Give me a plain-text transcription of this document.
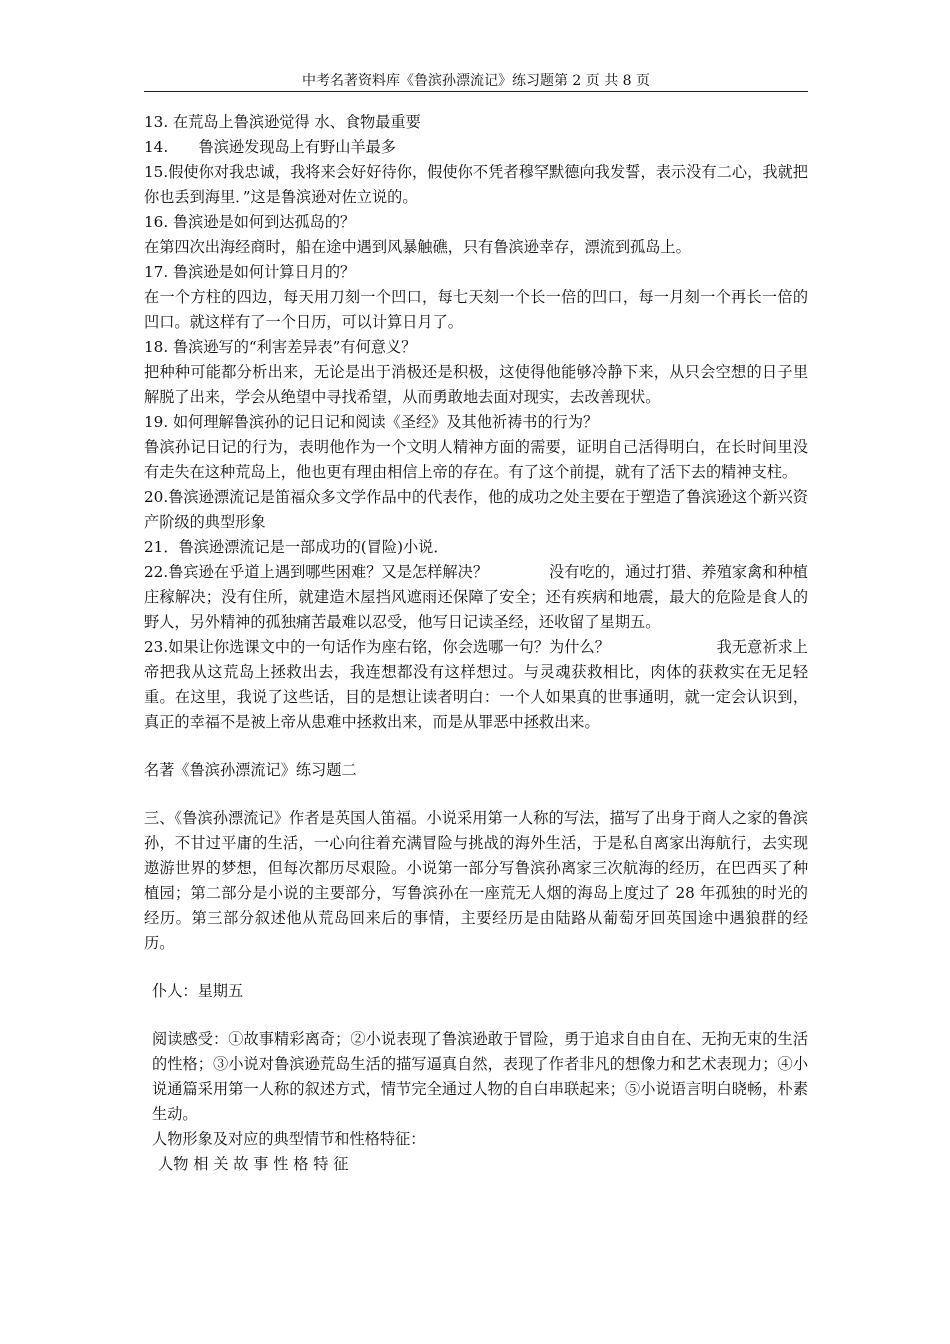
中考名著资料库《鲁滨孙漂流记》练习题第 2 页 共 8 页

13. 在荒岛上鲁滨逊觉得 水、食物最重要

14.　　鲁滨逊发现岛上有野山羊最多

15.假使你对我忠诚，我将来会好好待你，假使你不凭者穆罕默德向我发誓，表示没有二心，我就把你也丢到海里．”这是鲁滨逊对佐立说的。

16. 鲁滨逊是如何到达孤岛的？

在第四次出海经商时，船在途中遇到风暴触礁，只有鲁滨逊幸存，漂流到孤岛上。

17. 鲁滨逊是如何计算日月的？

在一个方柱的四边，每天用刀刻一个凹口，每七天刻一个长一倍的凹口，每一月刻一个再长一倍的凹口。就这样有了一个日历，可以计算日月了。

18. 鲁滨逊写的“利害差异表”有何意义？

把种种可能都分析出来，无论是出于消极还是积极，这使得他能够冷静下来，从只会空想的日子里解脱了出来，学会从绝望中寻找希望，从而勇敢地去面对现实，去改善现状。

19. 如何理解鲁滨孙的记日记和阅读《圣经》及其他祈祷书的行为？

鲁滨孙记日记的行为，表明他作为一个文明人精神方面的需要，证明自己活得明白，在长时间里没有走失在这种荒岛上，他也更有理由相信上帝的存在。有了这个前提，就有了活下去的精神支柱。

20.鲁滨逊漂流记是笛福众多文学作品中的代表作，他的成功之处主要在于塑造了鲁滨逊这个新兴资产阶级的典型形象

21．鲁滨逊漂流记是一部成功的(冒险)小说．

22.鲁宾逊在乎道上遇到哪些困难？又是怎样解决？　　　　没有吃的，通过打猎、养殖家禽和种植庄稼解决；没有住所，就建造木屋挡风遮雨还保障了安全；还有疾病和地震，最大的危险是食人的野人，另外精神的孤独痛苦最难以忍受，他写日记读圣经，还收留了星期五。

23.如果让你选课文中的一句话作为座右铭，你会选哪一句？为什么？　　　　　　　我无意祈求上帝把我从这荒岛上拯救出去，我连想都没有这样想过。与灵魂获救相比，肉体的获救实在无足轻重。在这里，我说了这些话，目的是想让读者明白：一个人如果真的世事通明，就一定会认识到，真正的幸福不是被上帝从患难中拯救出来，而是从罪恶中拯救出来。

名著《鲁滨孙漂流记》练习题二

三、《鲁滨孙漂流记》作者是英国人笛福。小说采用第一人称的写法，描写了出身于商人之家的鲁滨孙，不甘过平庸的生活，一心向往着充满冒险与挑战的海外生活，于是私自离家出海航行，去实现遨游世界的梦想，但每次都历尽艰险。小说第一部分写鲁滨孙离家三次航海的经历，在巴西买了种植园；第二部分是小说的主要部分，写鲁滨孙在一座荒无人烟的海岛上度过了 28 年孤独的时光的经历。第三部分叙述他从荒岛回来后的事情，主要经历是由陆路从葡萄牙回英国途中遇狼群的经历。

仆人：星期五

阅读感受：①故事精彩离奇；②小说表现了鲁滨逊敢于冒险，勇于追求自由自在、无拘无束的生活的性格；③小说对鲁滨逊荒岛生活的描写逼真自然，表现了作者非凡的想像力和艺术表现力；④小说通篇采用第一人称的叙述方式，情节完全通过人物的自白串联起来；⑤小说语言明白晓畅，朴素生动。

人物形象及对应的典型情节和性格特征：

人物 相 关 故 事 性 格 特 征
